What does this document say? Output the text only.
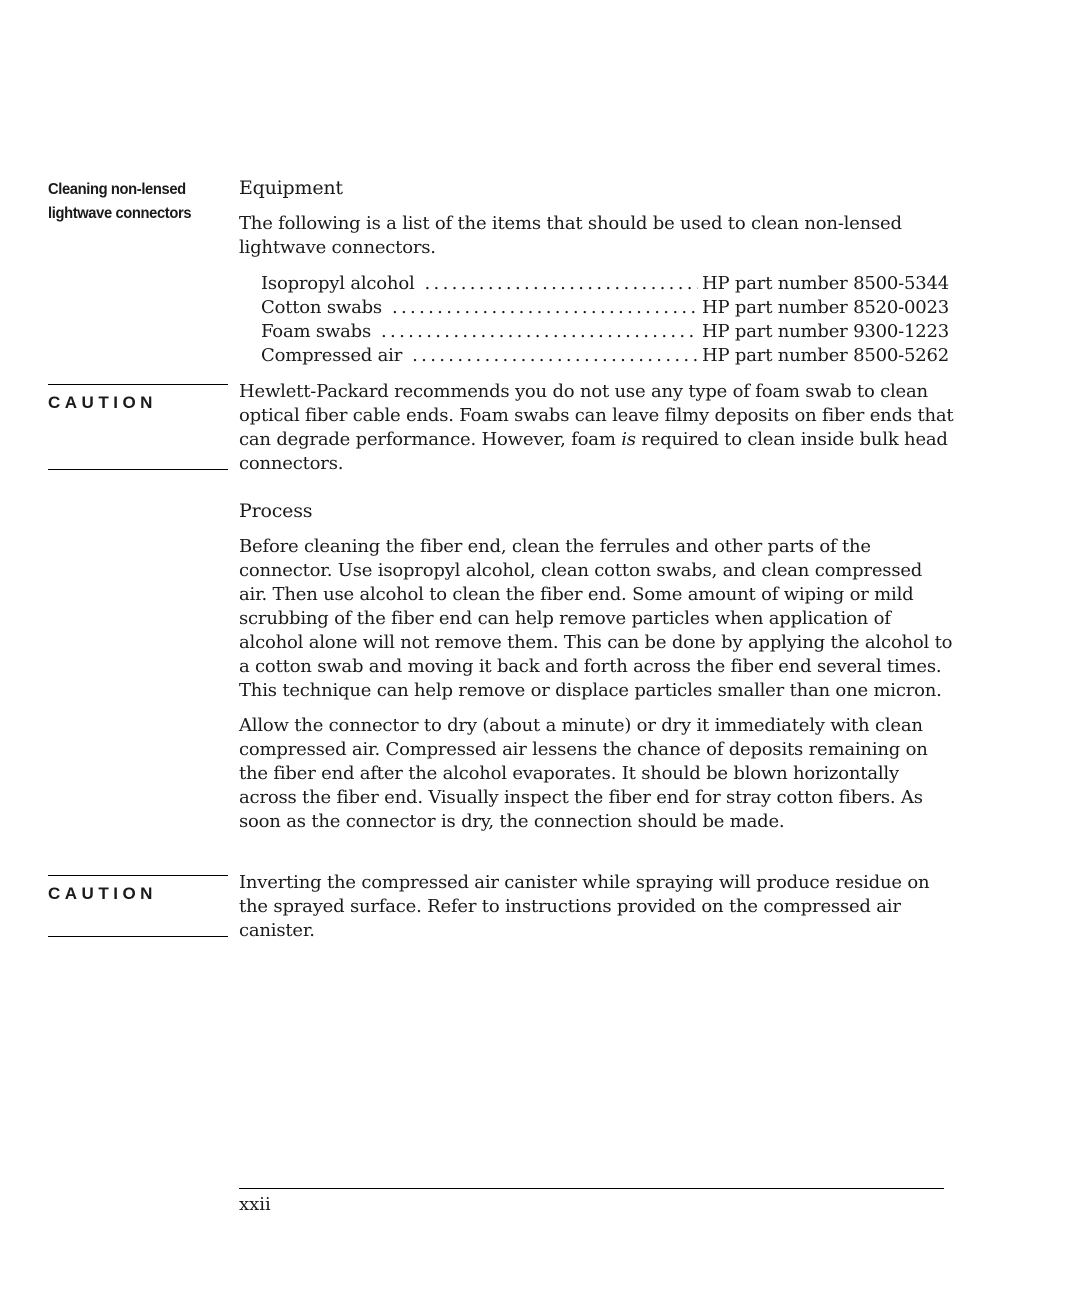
Cleaning non-lensed
lightwave connectors
Equipment

The following is a list of the items that should be used to clean non-lensed lightwave connectors.

Isopropyl alcohol . . .	HP part number 8500-5344
Cotton swabs . . .	HP part number 8520-0023
Foam swabs . . .	HP part number 9300-1223
Compressed air . . .	HP part number 8500-5262
CAUTION

Hewlett-Packard recommends you do not use any type of foam swab to clean optical fiber cable ends. Foam swabs can leave filmy deposits on fiber ends that can degrade performance. However, foam is required to clean inside bulk head connectors.

Process

Before cleaning the fiber end, clean the ferrules and other parts of the connector. Use isopropyl alcohol, clean cotton swabs, and clean compressed air. Then use alcohol to clean the fiber end. Some amount of wiping or mild scrubbing of the fiber end can help remove particles when application of alcohol alone will not remove them. This can be done by applying the alcohol to a cotton swab and moving it back and forth across the fiber end several times. This technique can help remove or displace particles smaller than one micron.

Allow the connector to dry (about a minute) or dry it immediately with clean compressed air. Compressed air lessens the chance of deposits remaining on the fiber end after the alcohol evaporates. It should be blown horizontally across the fiber end. Visually inspect the fiber end for stray cotton fibers. As soon as the connector is dry, the connection should be made.

CAUTION

Inverting the compressed air canister while spraying will produce residue on the sprayed surface. Refer to instructions provided on the compressed air canister.

xxii
